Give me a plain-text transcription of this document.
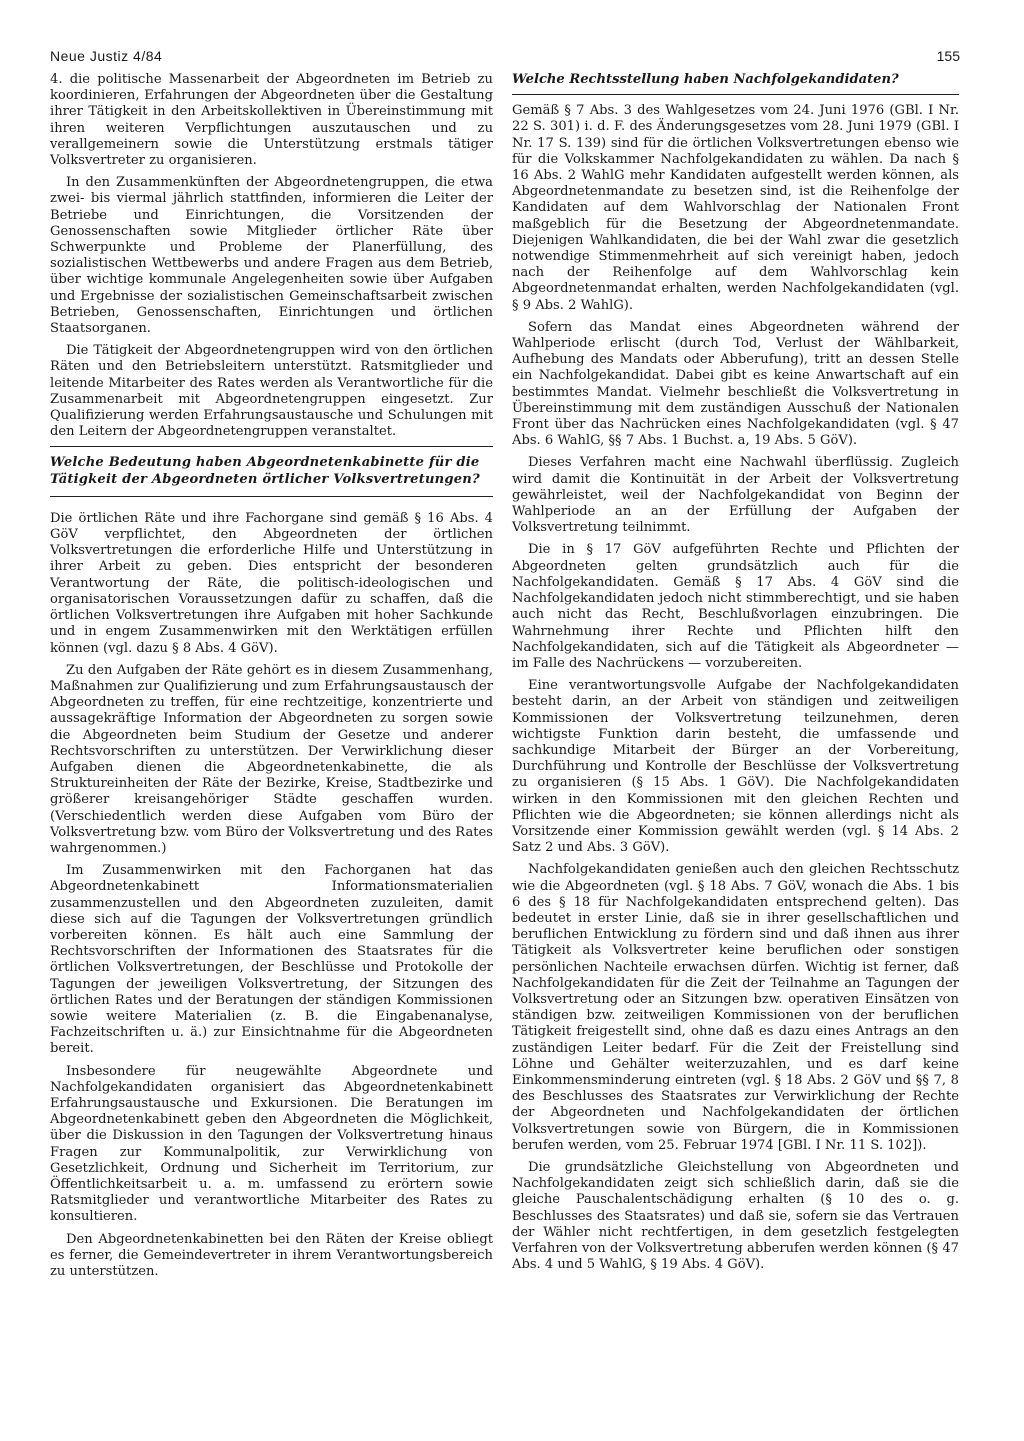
Neue Justiz 4/84	155

4. die politische Massenarbeit der Abgeordneten im Betrieb zu koordinieren, Erfahrungen der Abgeordneten über die Gestaltung ihrer Tätigkeit in den Arbeitskollektiven in Übereinstimmung mit ihren weiteren Verpflichtungen auszutauschen und zu verallgemeinern sowie die Unterstützung erstmals tätiger Volksvertreter zu organisieren.

In den Zusammenkünften der Abgeordnetengruppen, die etwa zwei- bis viermal jährlich stattfinden, informieren die Leiter der Betriebe und Einrichtungen, die Vorsitzenden der Genossenschaften sowie Mitglieder örtlicher Räte über Schwerpunkte und Probleme der Planerfüllung, des sozialistischen Wettbewerbs und andere Fragen aus dem Betrieb, über wichtige kommunale Angelegenheiten sowie über Aufgaben und Ergebnisse der sozialistischen Gemeinschaftsarbeit zwischen Betrieben, Genossenschaften, Einrichtungen und örtlichen Staatsorganen.

Die Tätigkeit der Abgeordnetengruppen wird von den örtlichen Räten und den Betriebsleitern unterstützt. Ratsmitglieder und leitende Mitarbeiter des Rates werden als Verantwortliche für die Zusammenarbeit mit Abgeordnetengruppen eingesetzt. Zur Qualifizierung werden Erfahrungsaustausche und Schulungen mit den Leitern der Abgeordnetengruppen veranstaltet.

Welche Bedeutung haben Abgeordnetenkabinette für die Tätigkeit der Abgeordneten örtlicher Volksvertretungen?

Die örtlichen Räte und ihre Fachorgane sind gemäß § 16 Abs. 4 GöV verpflichtet, den Abgeordneten der örtlichen Volksvertretungen die erforderliche Hilfe und Unterstützung in ihrer Arbeit zu geben. Dies entspricht der besonderen Verantwortung der Räte, die politisch-ideologischen und organisatorischen Voraussetzungen dafür zu schaffen, daß die örtlichen Volksvertretungen ihre Aufgaben mit hoher Sachkunde und in engem Zusammenwirken mit den Werktätigen erfüllen können (vgl. dazu § 8 Abs. 4 GöV).

Zu den Aufgaben der Räte gehört es in diesem Zusammenhang, Maßnahmen zur Qualifizierung und zum Erfahrungsaustausch der Abgeordneten zu treffen, für eine rechtzeitige, konzentrierte und aussagekräftige Information der Abgeordneten zu sorgen sowie die Abgeordneten beim Studium der Gesetze und anderer Rechtsvorschriften zu unterstützen. Der Verwirklichung dieser Aufgaben dienen die Abgeordnetenkabinette, die als Struktureinheiten der Räte der Bezirke, Kreise, Stadtbezirke und größerer kreisangehöriger Städte geschaffen wurden. (Verschiedentlich werden diese Aufgaben vom Büro der Volksvertretung bzw. vom Büro der Volksvertretung und des Rates wahrgenommen.)

Im Zusammenwirken mit den Fachorganen hat das Abgeordnetenkabinett Informationsmaterialien zusammenzustellen und den Abgeordneten zuzuleiten, damit diese sich auf die Tagungen der Volksvertretungen gründlich vorbereiten können. Es hält auch eine Sammlung der Rechtsvorschriften der Informationen des Staatsrates für die örtlichen Volksvertretungen, der Beschlüsse und Protokolle der Tagungen der jeweiligen Volksvertretung, der Sitzungen des örtlichen Rates und der Beratungen der ständigen Kommissionen sowie weitere Materialien (z. B. die Eingabenanalyse, Fachzeitschriften u. ä.) zur Einsichtnahme für die Abgeordneten bereit.

Insbesondere für neugewählte Abgeordnete und Nachfolgekandidaten organisiert das Abgeordnetenkabinett Erfahrungsaustausche und Exkursionen. Die Beratungen im Abgeordnetenkabinett geben den Abgeordneten die Möglichkeit, über die Diskussion in den Tagungen der Volksvertretung hinaus Fragen zur Kommunalpolitik, zur Verwirklichung von Gesetzlichkeit, Ordnung und Sicherheit im Territorium, zur Öffentlichkeitsarbeit u. a. m. umfassend zu erörtern sowie Ratsmitglieder und verantwortliche Mitarbeiter des Rates zu konsultieren.

Den Abgeordnetenkabinetten bei den Räten der Kreise obliegt es ferner, die Gemeindevertreter in ihrem Verantwortungsbereich zu unterstützen.

Welche Rechtsstellung haben Nachfolgekandidaten?

Gemäß § 7 Abs. 3 des Wahlgesetzes vom 24. Juni 1976 (GBl. I Nr. 22 S. 301) i. d. F. des Änderungsgesetzes vom 28. Juni 1979 (GBl. I Nr. 17 S. 139) sind für die örtlichen Volksvertretungen ebenso wie für die Volkskammer Nachfolgekandidaten zu wählen. Da nach § 16 Abs. 2 WahlG mehr Kandidaten aufgestellt werden können, als Abgeordnetenmandate zu besetzen sind, ist die Reihenfolge der Kandidaten auf dem Wahlvorschlag der Nationalen Front maßgeblich für die Besetzung der Abgeordnetenmandate. Diejenigen Wahlkandidaten, die bei der Wahl zwar die gesetzlich notwendige Stimmenmehrheit auf sich vereinigt haben, jedoch nach der Reihenfolge auf dem Wahlvorschlag kein Abgeordnetenmandat erhalten, werden Nachfolgekandidaten (vgl. § 9 Abs. 2 WahlG).

Sofern das Mandat eines Abgeordneten während der Wahlperiode erlischt (durch Tod, Verlust der Wählbarkeit, Aufhebung des Mandats oder Abberufung), tritt an dessen Stelle ein Nachfolgekandidat. Dabei gibt es keine Anwartschaft auf ein bestimmtes Mandat. Vielmehr beschließt die Volksvertretung in Übereinstimmung mit dem zuständigen Ausschuß der Nationalen Front über das Nachrücken eines Nachfolgekandidaten (vgl. § 47 Abs. 6 WahlG, §§ 7 Abs. 1 Buchst. a, 19 Abs. 5 GöV).

Dieses Verfahren macht eine Nachwahl überflüssig. Zugleich wird damit die Kontinuität in der Arbeit der Volksvertretung gewährleistet, weil der Nachfolgekandidat von Beginn der Wahlperiode an an der Erfüllung der Aufgaben der Volksvertretung teilnimmt.

Die in § 17 GöV aufgeführten Rechte und Pflichten der Abgeordneten gelten grundsätzlich auch für die Nachfolgekandidaten. Gemäß § 17 Abs. 4 GöV sind die Nachfolgekandidaten jedoch nicht stimmberechtigt, und sie haben auch nicht das Recht, Beschlußvorlagen einzubringen. Die Wahrnehmung ihrer Rechte und Pflichten hilft den Nachfolgekandidaten, sich auf die Tätigkeit als Abgeordneter — im Falle des Nachrückens — vorzubereiten.

Eine verantwortungsvolle Aufgabe der Nachfolgekandidaten besteht darin, an der Arbeit von ständigen und zeitweiligen Kommissionen der Volksvertretung teilzunehmen, deren wichtigste Funktion darin besteht, die umfassende und sachkundige Mitarbeit der Bürger an der Vorbereitung, Durchführung und Kontrolle der Beschlüsse der Volksvertretung zu organisieren (§ 15 Abs. 1 GöV). Die Nachfolgekandidaten wirken in den Kommissionen mit den gleichen Rechten und Pflichten wie die Abgeordneten; sie können allerdings nicht als Vorsitzende einer Kommission gewählt werden (vgl. § 14 Abs. 2 Satz 2 und Abs. 3 GöV).

Nachfolgekandidaten genießen auch den gleichen Rechtsschutz wie die Abgeordneten (vgl. § 18 Abs. 7 GöV, wonach die Abs. 1 bis 6 des § 18 für Nachfolgekandidaten entsprechend gelten). Das bedeutet in erster Linie, daß sie in ihrer gesellschaftlichen und beruflichen Entwicklung zu fördern sind und daß ihnen aus ihrer Tätigkeit als Volksvertreter keine beruflichen oder sonstigen persönlichen Nachteile erwachsen dürfen. Wichtig ist ferner, daß Nachfolgekandidaten für die Zeit der Teilnahme an Tagungen der Volksvertretung oder an Sitzungen bzw. operativen Einsätzen von ständigen bzw. zeitweiligen Kommissionen von der beruflichen Tätigkeit freigestellt sind, ohne daß es dazu eines Antrags an den zuständigen Leiter bedarf. Für die Zeit der Freistellung sind Löhne und Gehälter weiterzuzahlen, und es darf keine Einkommensminderung eintreten (vgl. § 18 Abs. 2 GöV und §§ 7, 8 des Beschlusses des Staatsrates zur Verwirklichung der Rechte der Abgeordneten und Nachfolgekandidaten der örtlichen Volksvertretungen sowie von Bürgern, die in Kommissionen berufen werden, vom 25. Februar 1974 [GBl. I Nr. 11 S. 102]).

Die grundsätzliche Gleichstellung von Abgeordneten und Nachfolgekandidaten zeigt sich schließlich darin, daß sie die gleiche Pauschalentschädigung erhalten (§ 10 des o. g. Beschlusses des Staatsrates) und daß sie, sofern sie das Vertrauen der Wähler nicht rechtfertigen, in dem gesetzlich festgelegten Verfahren von der Volksvertretung abberufen werden können (§ 47 Abs. 4 und 5 WahlG, § 19 Abs. 4 GöV).
